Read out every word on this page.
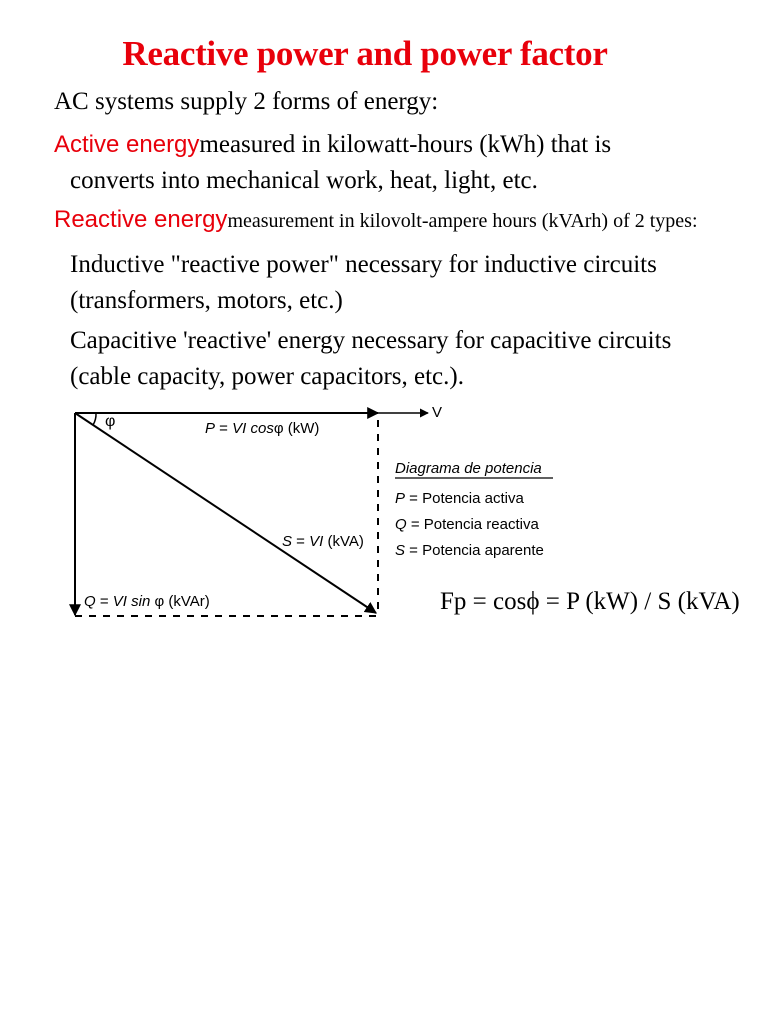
Reactive power and power factor
AC systems supply 2 forms of energy:
Active energymeasured in kilowatt-hours (kWh) that is
converts into mechanical work, heat, light, etc.
Reactive energymeasurement in kilovolt-ampere hours (kVArh) of 2 types:
Inductive "reactive power" necessary for inductive circuits
(transformers, motors, etc.)
Capacitive 'reactive' energy necessary for capacitive circuits
(cable capacity, power capacitors, etc.).
φ
V
P = VI cosφ (kW)
S = VI (kVA)
Q = VI sin φ (kVAr)
Diagrama de potencia
P = Potencia activa
Q = Potencia reactiva
S = Potencia aparente
Fp = cosϕ = P (kW) / S (kVA)
